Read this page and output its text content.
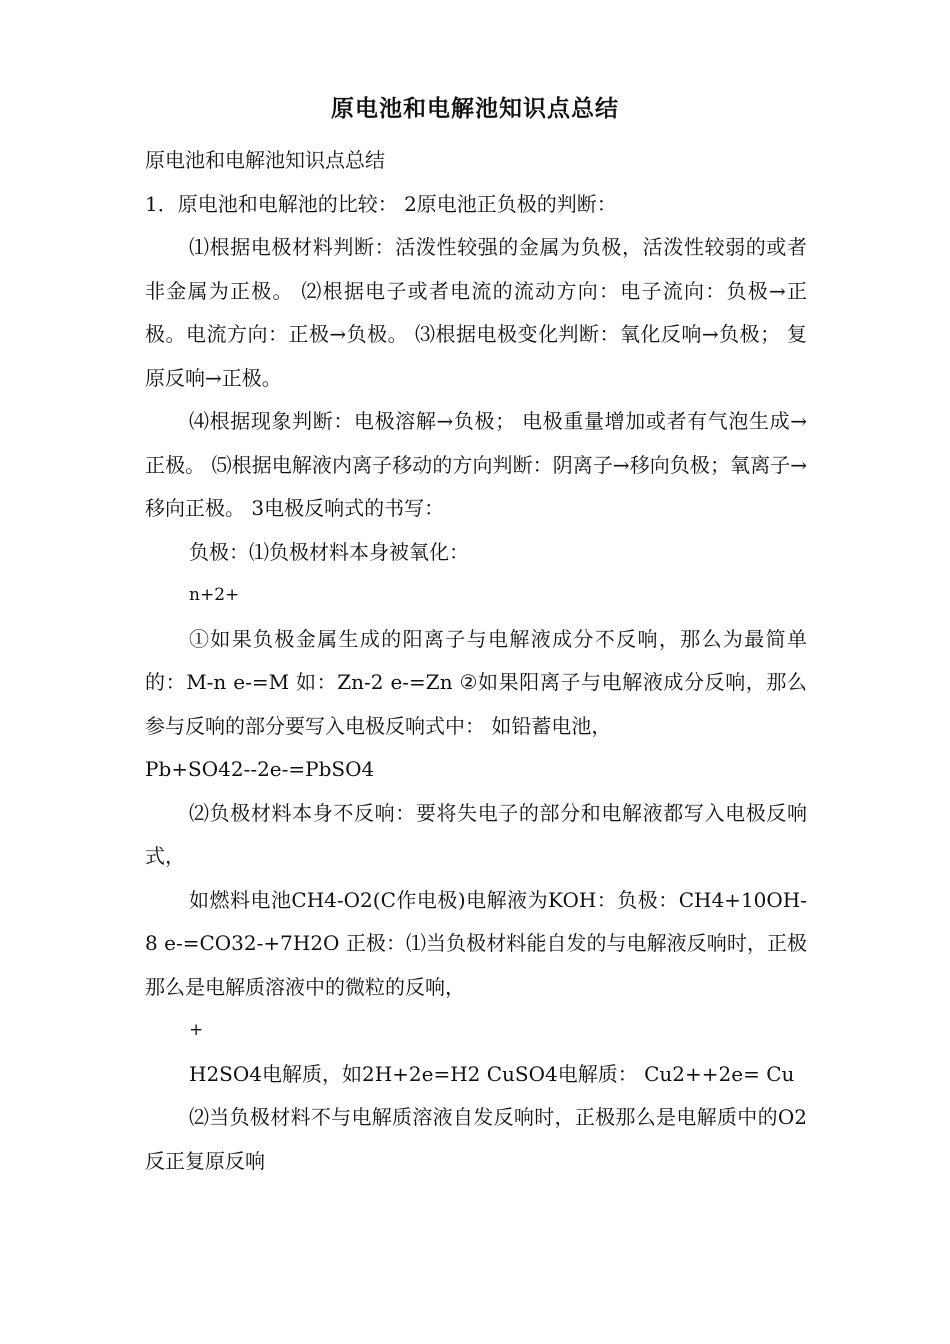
原电池和电解池知识点总结

原电池和电解池知识点总结

1．原电池和电解池的比较： 2原电池正负极的判断：

⑴根据电极材料判断：活泼性较强的金属为负极，活泼性较弱的或者非金属为正极。 ⑵根据电子或者电流的流动方向：电子流向：负极→正极。电流方向：正极→负极。 ⑶根据电极变化判断：氧化反响→负极； 复原反响→正极。

⑷根据现象判断：电极溶解→负极； 电极重量增加或者有气泡生成→正极。 ⑸根据电解液内离子移动的方向判断：阴离子→移向负极；氧离子→移向正极。 3电极反响式的书写：

负极：⑴负极材料本身被氧化：

n+2+

①如果负极金属生成的阳离子与电解液成分不反响，那么为最简单的：M-n e-=M 如：Zn-2 e-=Zn ②如果阳离子与电解液成分反响，那么参与反响的部分要写入电极反响式中： 如铅蓄电池，

Pb+SO42--2e-=PbSO4

⑵负极材料本身不反响：要将失电子的部分和电解液都写入电极反响式，

如燃料电池CH4-O2(C作电极)电解液为KOH：负极：CH4+10OH-8 e-=CO32-+7H2O 正极：⑴当负极材料能自发的与电解液反响时，正极那么是电解质溶液中的微粒的反响，

+

H2SO4电解质，如2H+2e=H2 CuSO4电解质： Cu2++2e= Cu

⑵当负极材料不与电解质溶液自发反响时，正极那么是电解质中的O2反正复原反响
